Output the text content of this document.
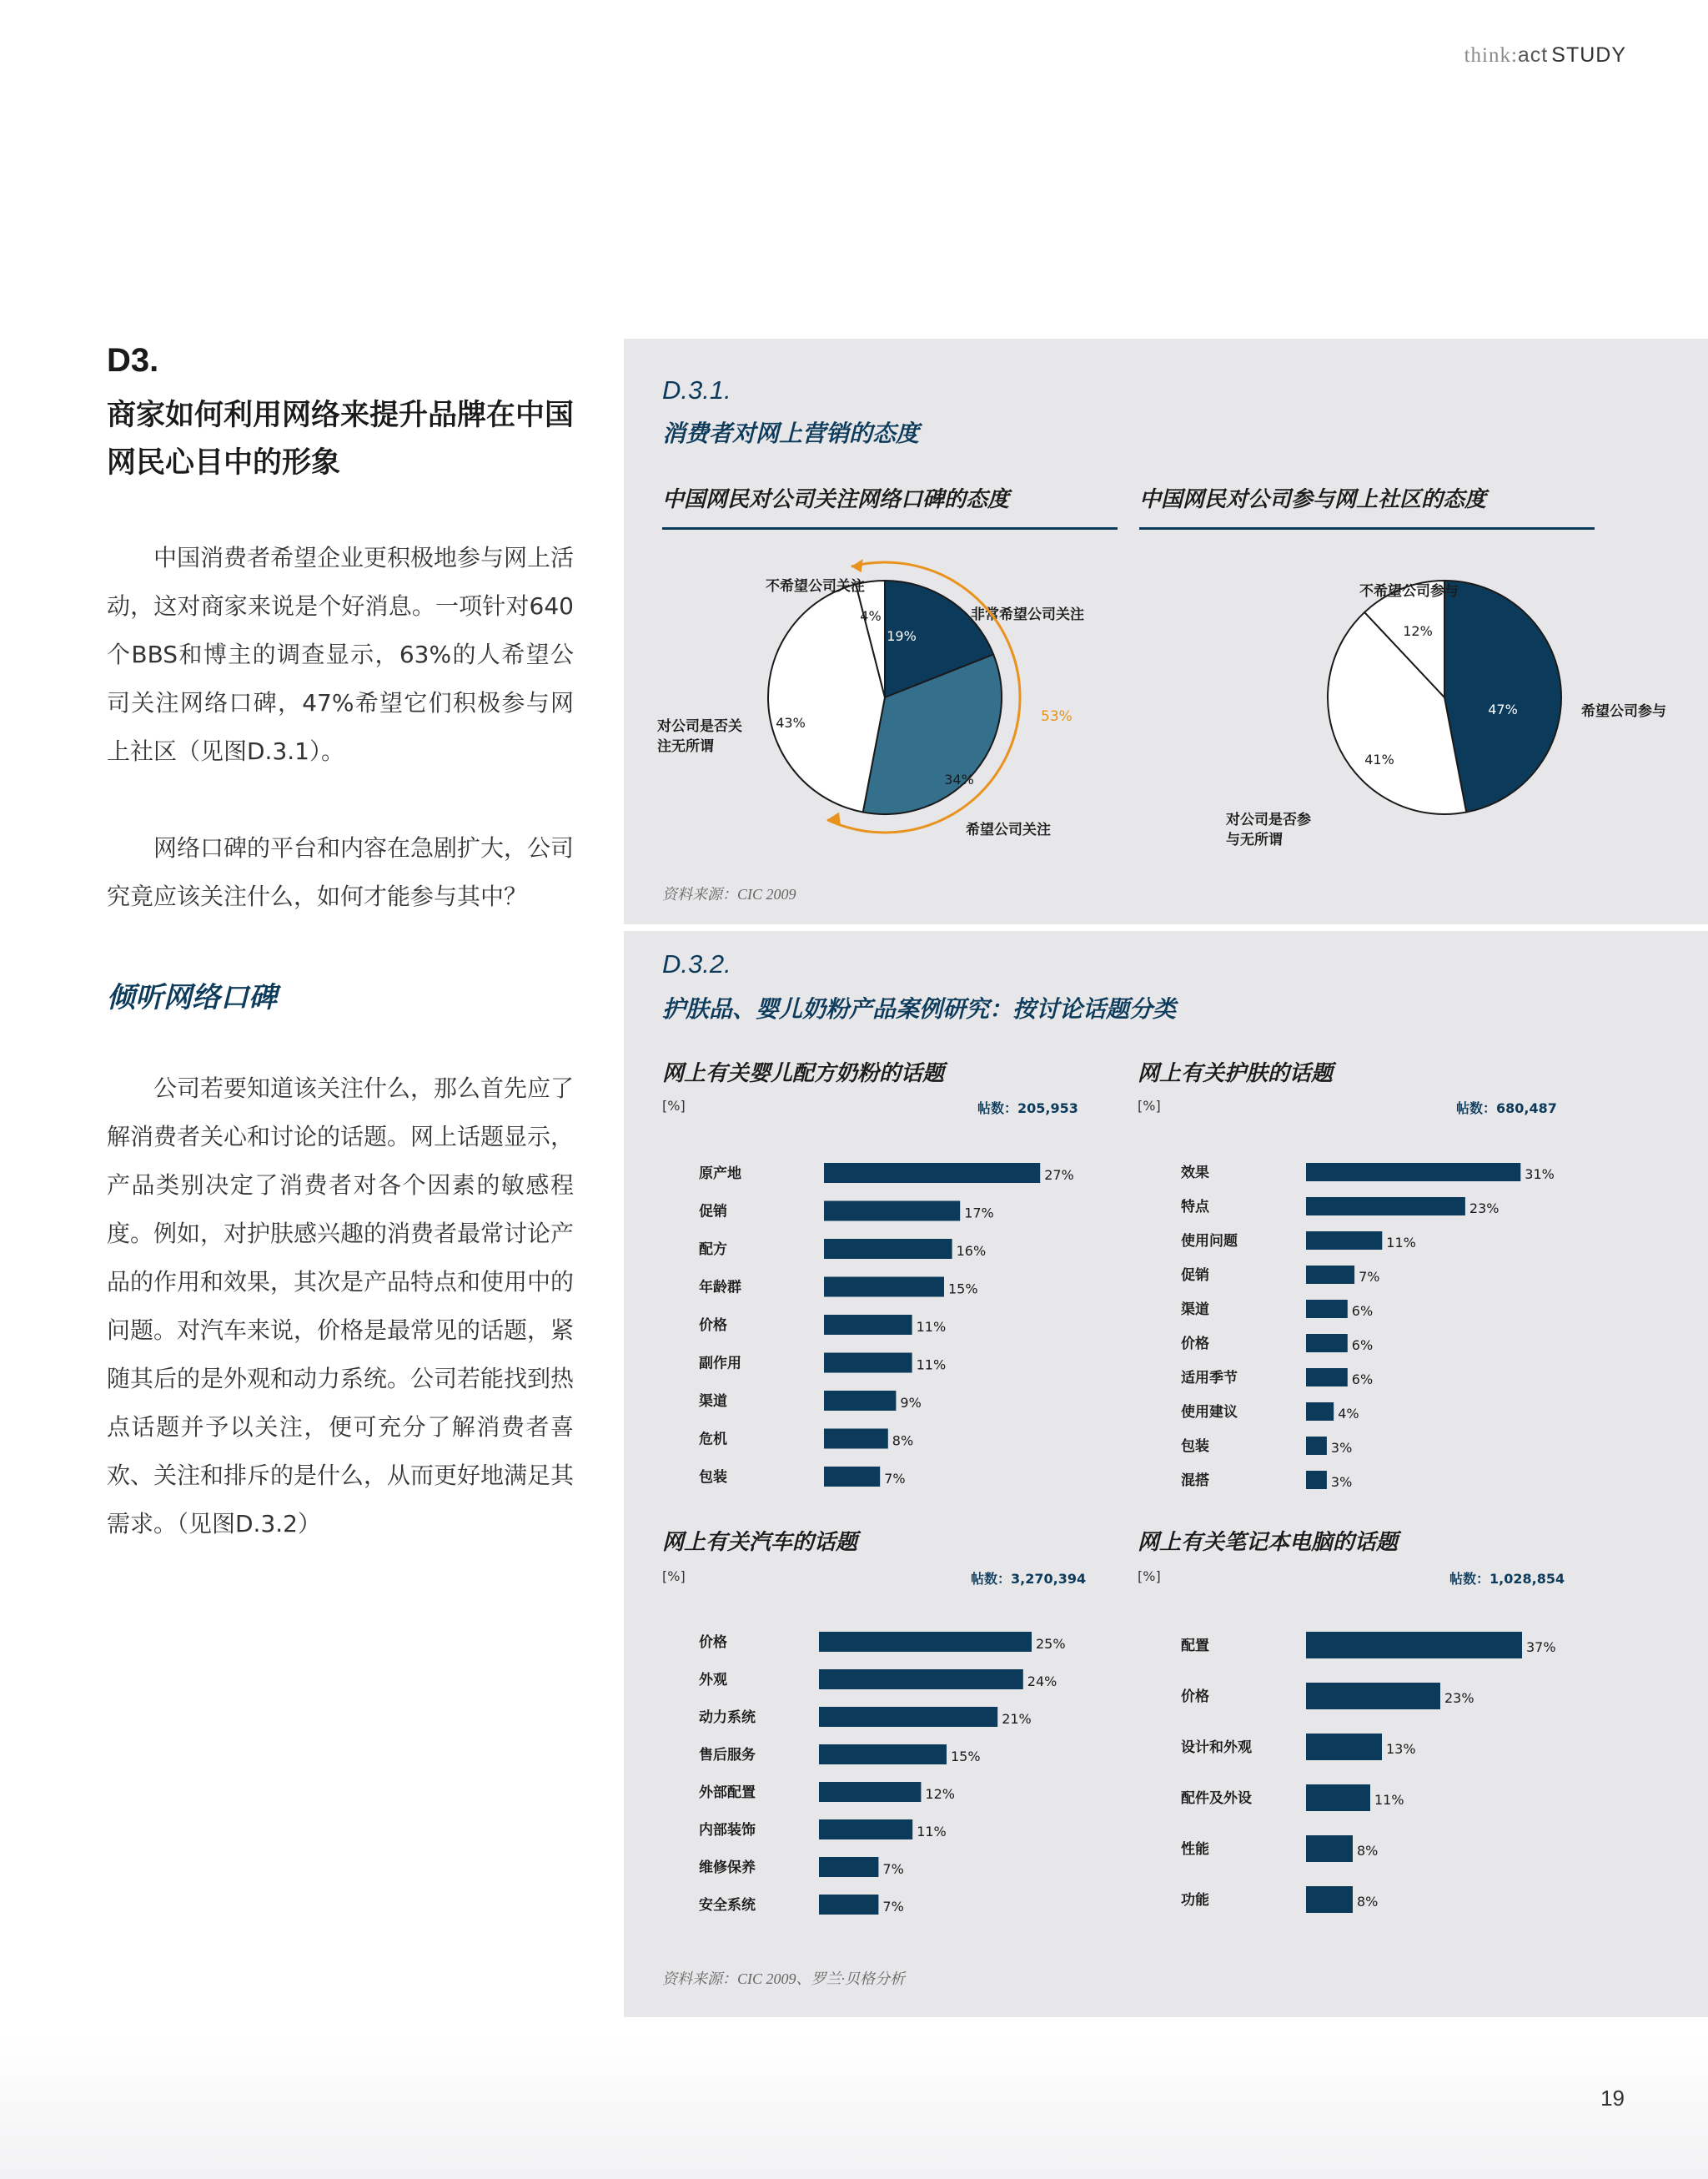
think:act STUDY
D3.
商家如何利用网络来提升品牌在中国网民心目中的形象

中国消费者希望企业更积极地参与网上活动，这对商家来说是个好消息。一项针对640个BBS和博主的调查显示，63%的人希望公司关注网络口碑，47%希望它们积极参与网上社区（见图D.3.1）。

网络口碑的平台和内容在急剧扩大，公司究竟应该关注什么，如何才能参与其中？

倾听网络口碑

公司若要知道该关注什么，那么首先应了解消费者关心和讨论的话题。网上话题显示，产品类别决定了消费者对各个因素的敏感程度。例如，对护肤感兴趣的消费者最常讨论产品的作用和效果，其次是产品特点和使用中的问题。对汽车来说，价格是最常见的话题，紧随其后的是外观和动力系统。公司若能找到热点话题并予以关注，便可充分了解消费者喜欢、关注和排斥的是什么，从而更好地满足其需求。（见图D.3.2）

D.3.1.
消费者对网上营销的态度
中国网民对公司关注网络口碑的态度	中国网民对公司参与网上社区的态度
19%
34%
43%
4%	非常希望公司关注
希望公司关注
对公司是否关注无所谓
不希望公司关注
53%	47%
41%
12%
希望公司参与
对公司是否参与无所谓
不希望公司参与
资料来源：CIC 2009
D.3.2.
护肤品、婴儿奶粉产品案例研究：按讨论话题分类
网上有关婴儿配方奶粉的话题
[%]	帖数：205,953
网上有关护肤的话题
[%]	帖数：680,487
网上有关汽车的话题
[%]	帖数：3,270,394
网上有关笔记本电脑的话题
[%]	帖数：1,028,854
原产地	27%
促销	17%
配方	16%
年龄群	15%
价格	11%
副作用	11%
渠道	9%
危机	8%
包装	7%
效果	31%
特点	23%
使用问题	11%
促销	7%
渠道	6%
价格	6%
适用季节	6%
使用建议	4%
包装	3%
混搭	3%
价格	25%
外观	24%
动力系统	21%
售后服务	15%
外部配置	12%
内部装饰	11%
维修保养	7%
安全系统	7%
配置	37%
价格	23%
设计和外观	13%
配件及外设	11%
性能	8%
功能	8%
资料来源：CIC 2009、罗兰·贝格分析
19
